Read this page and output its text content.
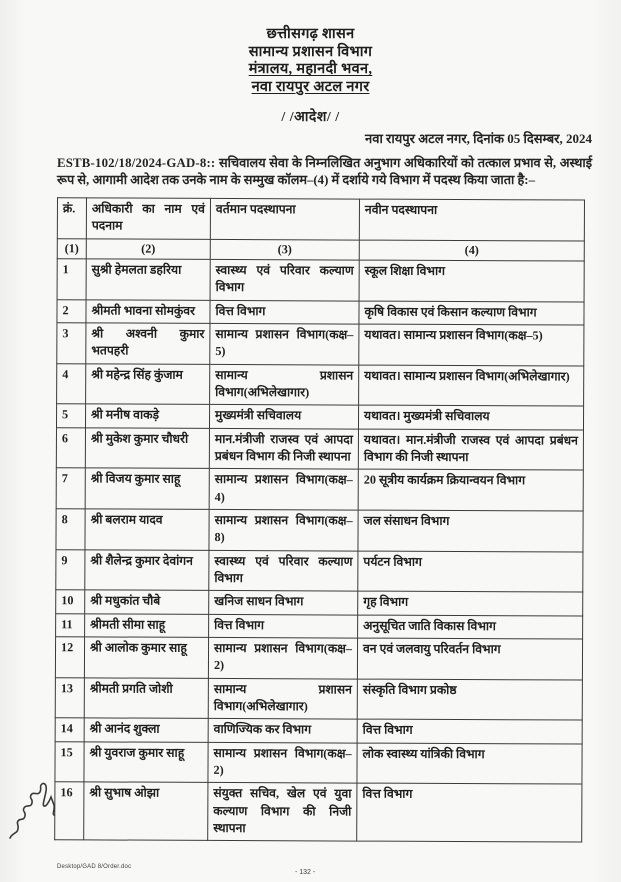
छत्तीसगढ़ शासन
सामान्य प्रशासन विभाग
मंत्रालय, महानदी भवन,
नवा रायपुर अटल नगर
/ /आदेश/ /
नवा रायपुर अटल नगर, दिनांक 05 दिसम्बर, 2024
ESTB-102/18/2024-GAD-8:: सचिवालय सेवा के निम्नलिखित अनुभाग अधिकारियों को तत्काल प्रभाव से, अस्थाई रूप से, आगामी आदेश तक उनके नाम के सम्मुख कॉलम–(4) में दर्शाये गये विभाग में पदस्थ किया जाता है:–
क्रं.	अधिकारी का नाम एवं पदनाम	वर्तमान पदस्थापना	नवीन पदस्थापना
(1)	(2)	(3)	(4)
1	सुश्री हेमलता डहरिया	स्वास्थ्य एवं परिवार कल्याण विभाग	स्कूल शिक्षा विभाग
2	श्रीमती भावना सोमकुंवर	वित्त विभाग	कृषि विकास एवं किसान कल्याण विभाग
3	श्री अश्वनी कुमार भतपहरी	सामान्य प्रशासन विभाग(कक्ष–5)	यथावत। सामान्य प्रशासन विभाग(कक्ष–5)
4	श्री महेन्द्र सिंह कुंजाम	सामान्य प्रशासन विभाग(अभिलेखागार)	यथावत। सामान्य प्रशासन विभाग(अभिलेखागार)
5	श्री मनीष वाकड़े	मुख्यमंत्री सचिवालय	यथावत। मुख्यमंत्री सचिवालय
6	श्री मुकेश कुमार चौधरी	मान.मंत्रीजी राजस्व एवं आपदा प्रबंधन विभाग की निजी स्थापना	यथावत। मान.मंत्रीजी राजस्व एवं आपदा प्रबंधन विभाग की निजी स्थापना
7	श्री विजय कुमार साहू	सामान्य प्रशासन विभाग(कक्ष–4)	20 सूत्रीय कार्यक्रम क्रियान्वयन विभाग
8	श्री बलराम यादव	सामान्य प्रशासन विभाग(कक्ष–8)	जल संसाधन विभाग
9	श्री शैलेन्द्र कुमार देवांगन	स्वास्थ्य एवं परिवार कल्याण विभाग	पर्यटन विभाग
10	श्री मधुकांत चौबे	खनिज साधन विभाग	गृह विभाग
11	श्रीमती सीमा साहू	वित्त विभाग	अनुसूचित जाति विकास विभाग
12	श्री आलोक कुमार साहू	सामान्य प्रशासन विभाग(कक्ष–2)	वन एवं जलवायु परिवर्तन विभाग
13	श्रीमती प्रगति जोशी	सामान्य प्रशासन विभाग(अभिलेखागार)	संस्कृति विभाग प्रकोष्ठ
14	श्री आनंद शुक्ला	वाणिज्यिक कर विभाग	वित्त विभाग
15	श्री युवराज कुमार साहू	सामान्य प्रशासन विभाग(कक्ष–2)	लोक स्वास्थ्य यांत्रिकी विभाग
16	श्री सुभाष ओझा	संयुक्त सचिव, खेल एवं युवा कल्याण विभाग की निजी स्थापना	वित्त विभाग
Desktop/GAD 8/Order.doc
- 132 -
